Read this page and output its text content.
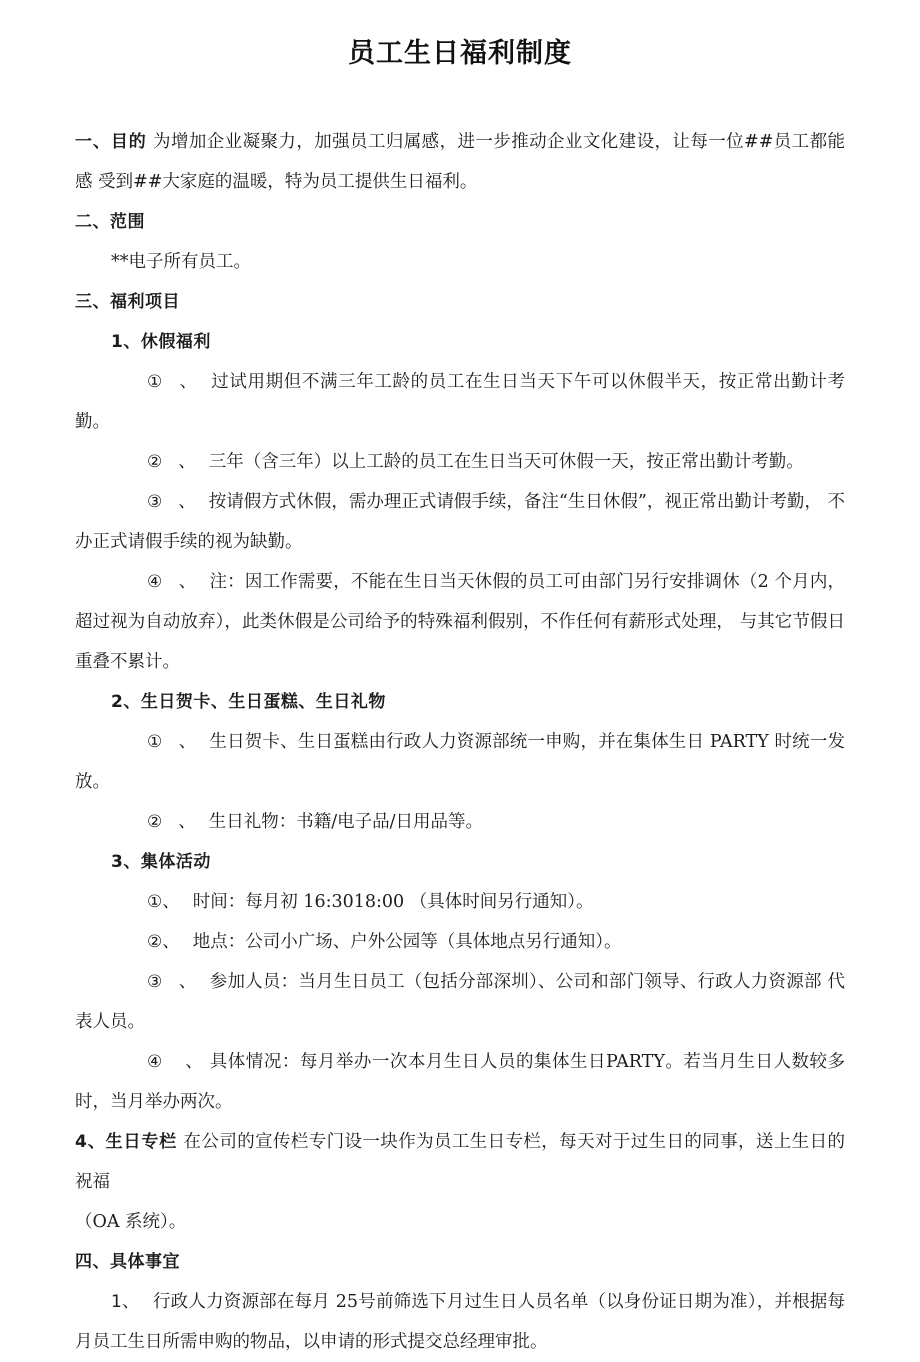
员工生日福利制度

一、目的 为增加企业凝聚力，加强员工归属感，进一步推动企业文化建设，让每一位##员工都能感 受到##大家庭的温暖，特为员工提供生日福利。

二、范围

**电子所有员工。

三、福利项目

1、休假福利

① 、 过试用期但不满三年工龄的员工在生日当天下午可以休假半天，按正常出勤计考勤。

② 、 三年（含三年）以上工龄的员工在生日当天可休假一天，按正常出勤计考勤。

③ 、 按请假方式休假，需办理正式请假手续，备注“生日休假”，视正常出勤计考勤， 不办正式请假手续的视为缺勤。

④ 、 注：因工作需要，不能在生日当天休假的员工可由部门另行安排调休（2 个月内，超过视为自动放弃），此类休假是公司给予的特殊福利假别，不作任何有薪形式处理， 与其它节假日重叠不累计。

2、生日贺卡、生日蛋糕、生日礼物

① 、 生日贺卡、生日蛋糕由行政人力资源部统一申购，并在集体生日 PARTY 时统一发放。

② 、 生日礼物：书籍/电子品/日用品等。

3、集体活动

①、 时间：每月初 16:3018:00 （具体时间另行通知）。

②、 地点：公司小广场、户外公园等（具体地点另行通知）。

③ 、 参加人员：当月生日员工（包括分部深圳）、公司和部门领导、行政人力资源部 代表人员。

④ 、 具体情况：每月举办一次本月生日人员的集体生日PARTY。若当月生日人数较多时，当月举办两次。

4、生日专栏 在公司的宣传栏专门设一块作为员工生日专栏，每天对于过生日的同事，送上生日的祝福

（OA 系统）。

四、具体事宜

1、 行政人力资源部在每月 25号前筛选下月过生日人员名单（以身份证日期为准），并根据每月员工生日所需申购的物品，以申请的形式提交总经理审批。
